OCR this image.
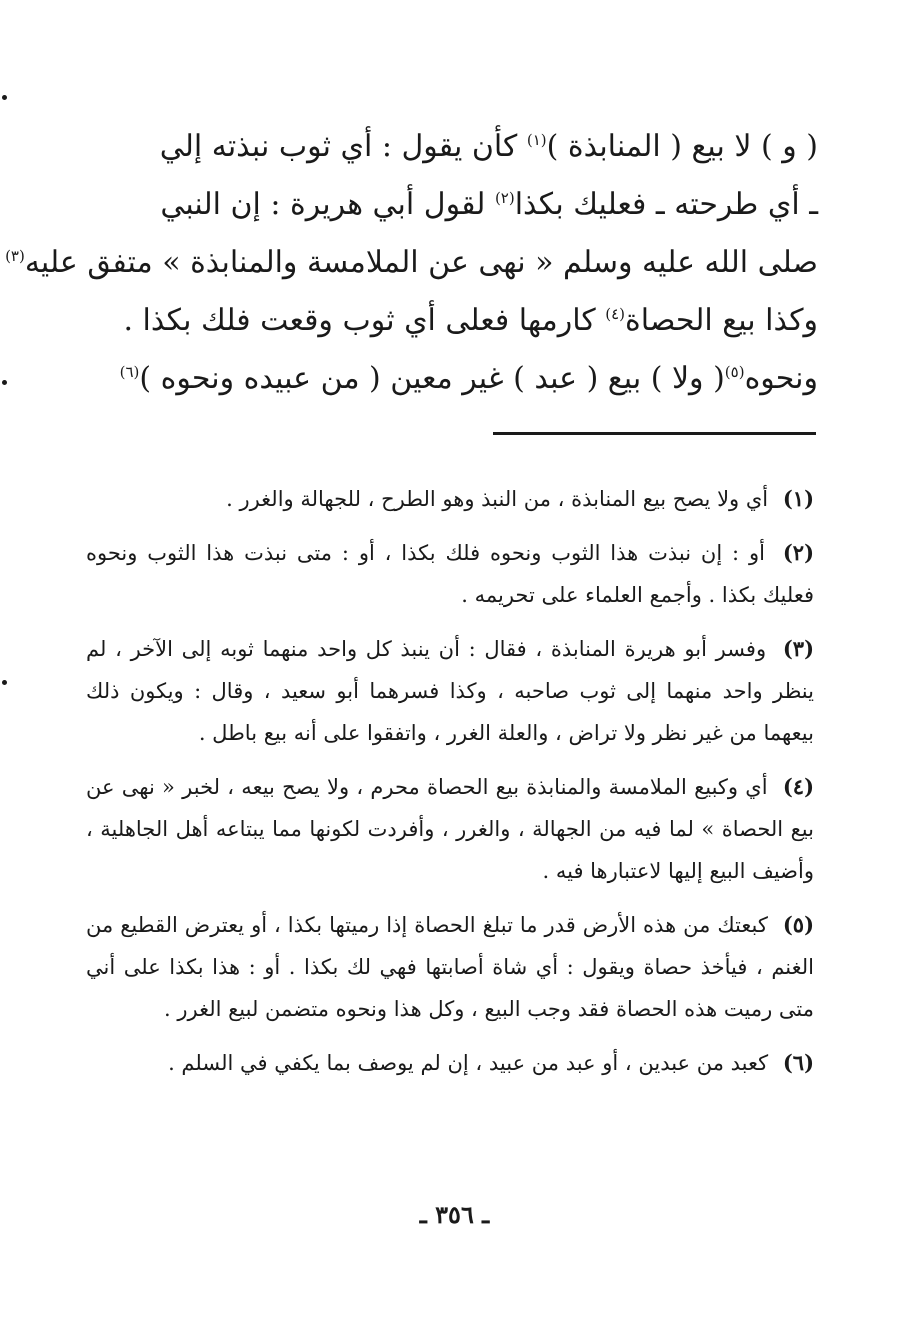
( و ) لا بيع ( المنابذة )$^{(١)}$ كأن يقول : أي ثوب نبذته إلي
ـ أي طرحته ـ فعليك بكذا$^{(٢)}$ لقول أبي هريرة : إن النبي
صلى الله عليه وسلم « نهى عن الملامسة والمنابذة » متفق عليه$^{(٣)}$
وكذا بيع الحصاة$^{(٤)}$ كارمها فعلى أي ثوب وقعت فلك بكذا .
ونحوه$^{(٥)}$( ولا ) بيع ( عبد ) غير معين ( من عبيده ونحوه )$^{(٦)}$

(١) أي ولا يصح بيع المنابذة ، من النبذ وهو الطرح ، للجهالة والغرر .

(٢) أو : إن نبذت هذا الثوب ونحوه فلك بكذا ، أو : متى نبذت هذا الثوب ونحوه فعليك بكذا . وأجمع العلماء على تحريمه .

(٣) وفسر أبو هريرة المنابذة ، فقال : أن ينبذ كل واحد منهما ثوبه إلى الآخر ، لم ينظر واحد منهما إلى ثوب صاحبه ، وكذا فسرهما أبو سعيد ، وقال : ويكون ذلك بيعهما من غير نظر ولا تراض ، والعلة الغرر ، واتفقوا على أنه بيع باطل .

(٤) أي وكبيع الملامسة والمنابذة بيع الحصاة محرم ، ولا يصح بيعه ، لخبر « نهى عن بيع الحصاة » لما فيه من الجهالة ، والغرر ، وأفردت لكونها مما يبتاعه أهل الجاهلية ، وأضيف البيع إليها لاعتبارها فيه .

(٥) كبعتك من هذه الأرض قدر ما تبلغ الحصاة إذا رميتها بكذا ، أو يعترض القطيع من الغنم ، فيأخذ حصاة ويقول : أي شاة أصابتها فهي لك بكذا . أو : هذا بكذا على أني متى رميت هذه الحصاة فقد وجب البيع ، وكل هذا ونحوه متضمن لبيع الغرر .

(٦) كعبد من عبدين ، أو عبد من عبيد ، إن لم يوصف بما يكفي في السلم .

ـ ٣٥٦ ـ
